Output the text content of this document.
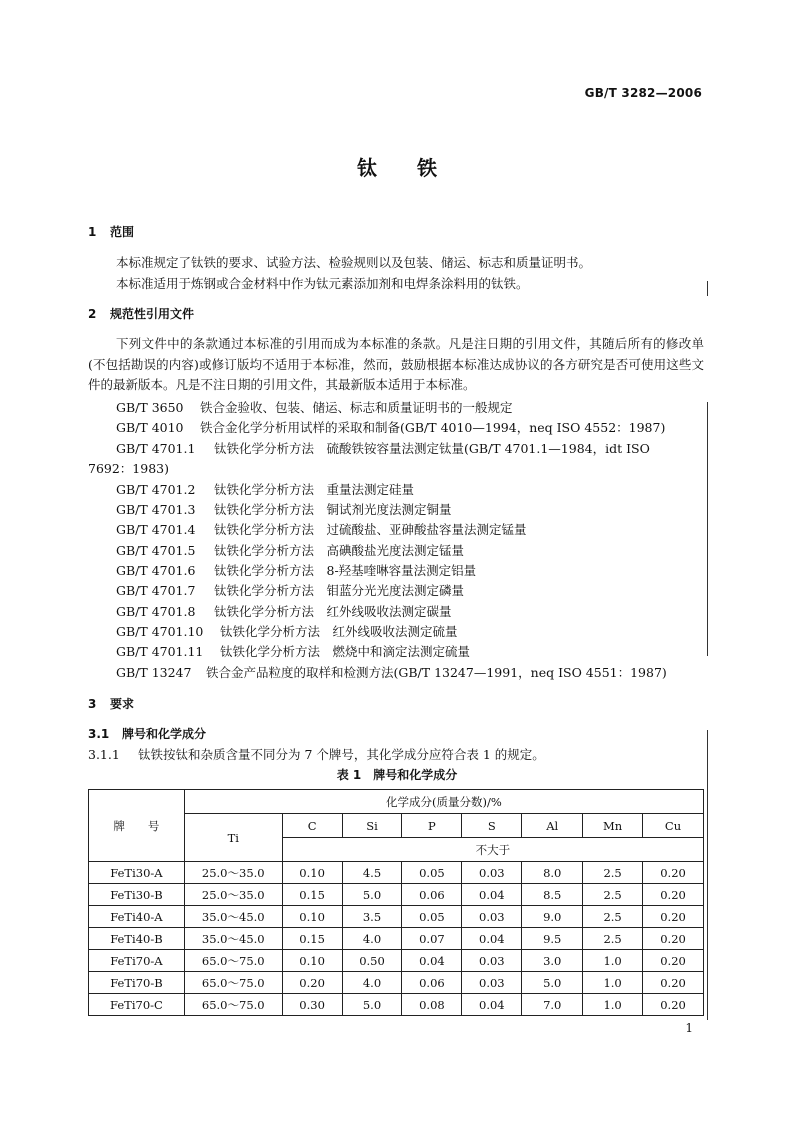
GB/T 3282—2006
钛 铁
1 范围

本标准规定了钛铁的要求、试验方法、检验规则以及包装、储运、标志和质量证明书。

本标准适用于炼钢或合金材料中作为钛元素添加剂和电焊条涂料用的钛铁。

2 规范性引用文件

下列文件中的条款通过本标准的引用而成为本标准的条款。凡是注日期的引用文件，其随后所有的修改单(不包括勘误的内容)或修订版均不适用于本标准，然而，鼓励根据本标准达成协议的各方研究是否可使用这些文件的最新版本。凡是不注日期的引用文件，其最新版本适用于本标准。

GB/T 3650 铁合金验收、包装、储运、标志和质量证明书的一般规定
GB/T 4010 铁合金化学分析用试样的采取和制备(GB/T 4010—1994，neq ISO 4552：1987)
GB/T 4701.1 钛铁化学分析方法　硫酸铁铵容量法测定钛量(GB/T 4701.1—1984，idt ISO
7692：1983)
GB/T 4701.2 钛铁化学分析方法　重量法测定硅量
GB/T 4701.3 钛铁化学分析方法　铜试剂光度法测定铜量
GB/T 4701.4 钛铁化学分析方法　过硫酸盐、亚砷酸盐容量法测定锰量
GB/T 4701.5 钛铁化学分析方法　高碘酸盐光度法测定锰量
GB/T 4701.6 钛铁化学分析方法　8-羟基喹啉容量法测定铝量
GB/T 4701.7 钛铁化学分析方法　钼蓝分光光度法测定磷量
GB/T 4701.8 钛铁化学分析方法　红外线吸收法测定碳量
GB/T 4701.10 钛铁化学分析方法　红外线吸收法测定硫量
GB/T 4701.11 钛铁化学分析方法　燃烧中和滴定法测定硫量
GB/T 13247 铁合金产品粒度的取样和检测方法(GB/T 13247—1991，neq ISO 4551：1987)
3 要求
3.1 牌号和化学成分
3.1.1 钛铁按钛和杂质含量不同分为 7 个牌号，其化学成分应符合表 1 的规定。
表 1 牌号和化学成分
牌　　号	化学成分(质量分数)/%							
	Ti	C	Si	P	S	Al	Mn	Cu
		不大于						
FeTi30-A	25.0～35.0	0.10	4.5	0.05	0.03	8.0	2.5	0.20
FeTi30-B	25.0～35.0	0.15	5.0	0.06	0.04	8.5	2.5	0.20
FeTi40-A	35.0～45.0	0.10	3.5	0.05	0.03	9.0	2.5	0.20
FeTi40-B	35.0～45.0	0.15	4.0	0.07	0.04	9.5	2.5	0.20
FeTi70-A	65.0～75.0	0.10	0.50	0.04	0.03	3.0	1.0	0.20
FeTi70-B	65.0～75.0	0.20	4.0	0.06	0.03	5.0	1.0	0.20
FeTi70-C	65.0～75.0	0.30	5.0	0.08	0.04	7.0	1.0	0.20
1
